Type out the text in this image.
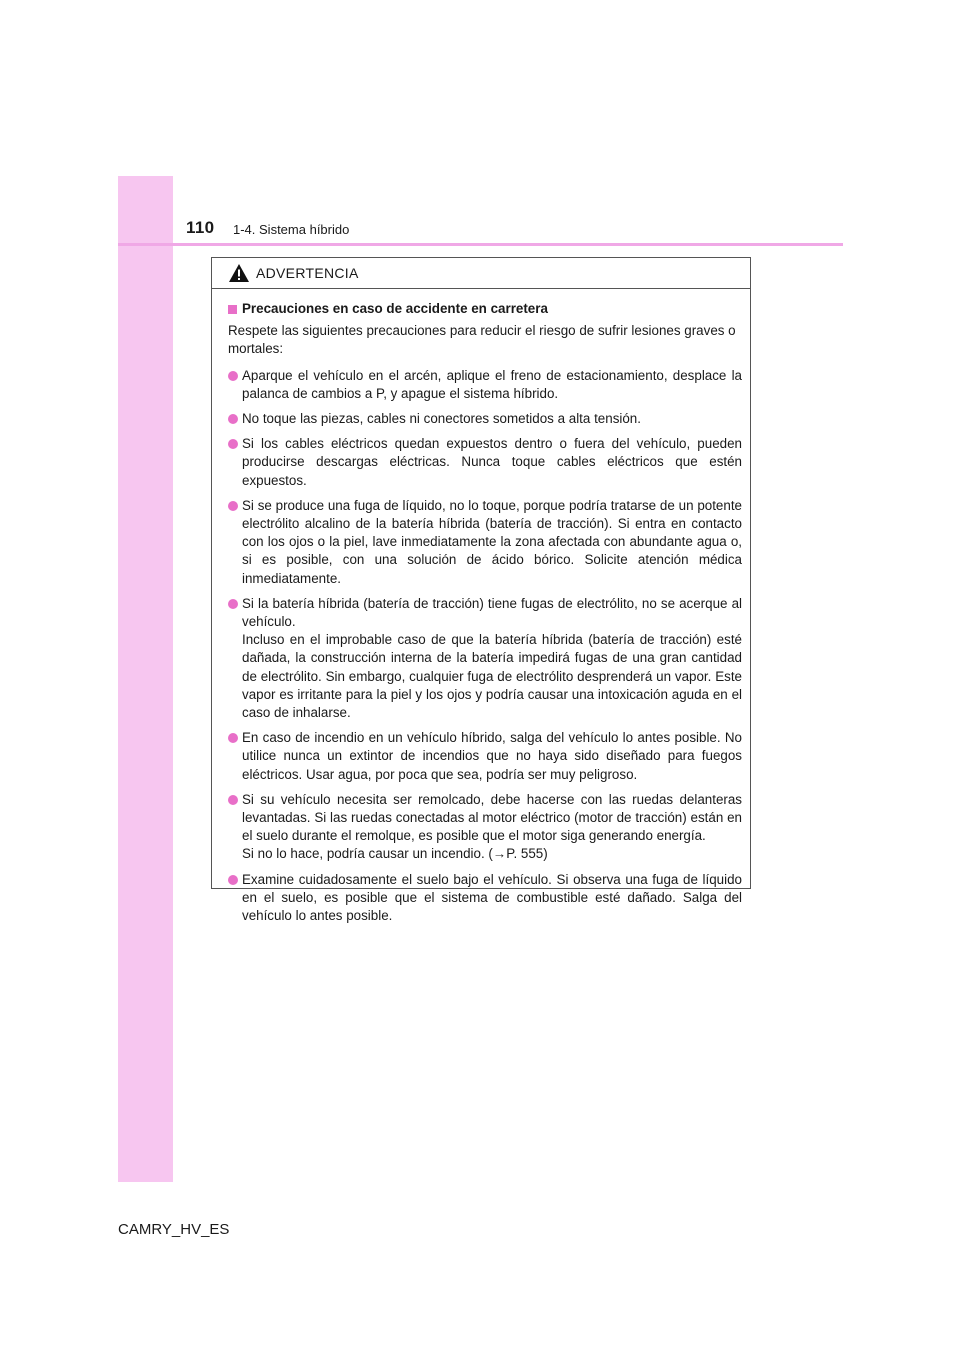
110 1-4. Sistema híbrido
ADVERTENCIA
Precauciones en caso de accidente en carretera
Respete las siguientes precauciones para reducir el riesgo de sufrir lesiones graves o mortales:
Aparque el vehículo en el arcén, aplique el freno de estacionamiento, desplace la palanca de cambios a P, y apague el sistema híbrido.
No toque las piezas, cables ni conectores sometidos a alta tensión.
Si los cables eléctricos quedan expuestos dentro o fuera del vehículo, pueden producirse descargas eléctricas. Nunca toque cables eléctricos que estén expuestos.
Si se produce una fuga de líquido, no lo toque, porque podría tratarse de un potente electrólito alcalino de la batería híbrida (batería de tracción). Si entra en contacto con los ojos o la piel, lave inmediatamente la zona afectada con abundante agua o, si es posible, con una solución de ácido bórico. Solicite atención médica inmediatamente.
Si la batería híbrida (batería de tracción) tiene fugas de electrólito, no se acerque al vehículo.
Incluso en el improbable caso de que la batería híbrida (batería de tracción) esté dañada, la construcción interna de la batería impedirá fugas de una gran cantidad de electrólito. Sin embargo, cualquier fuga de electrólito desprenderá un vapor. Este vapor es irritante para la piel y los ojos y podría causar una intoxicación aguda en el caso de inhalarse.
En caso de incendio en un vehículo híbrido, salga del vehículo lo antes posible. No utilice nunca un extintor de incendios que no haya sido diseñado para fuegos eléctricos. Usar agua, por poca que sea, podría ser muy peligroso.
Si su vehículo necesita ser remolcado, debe hacerse con las ruedas delanteras levantadas. Si las ruedas conectadas al motor eléctrico (motor de tracción) están en el suelo durante el remolque, es posible que el motor siga generando energía.
Si no lo hace, podría causar un incendio. (→P. 555)
Examine cuidadosamente el suelo bajo el vehículo. Si observa una fuga de líquido en el suelo, es posible que el sistema de combustible esté dañado. Salga del vehículo lo antes posible.
CAMRY_HV_ES
